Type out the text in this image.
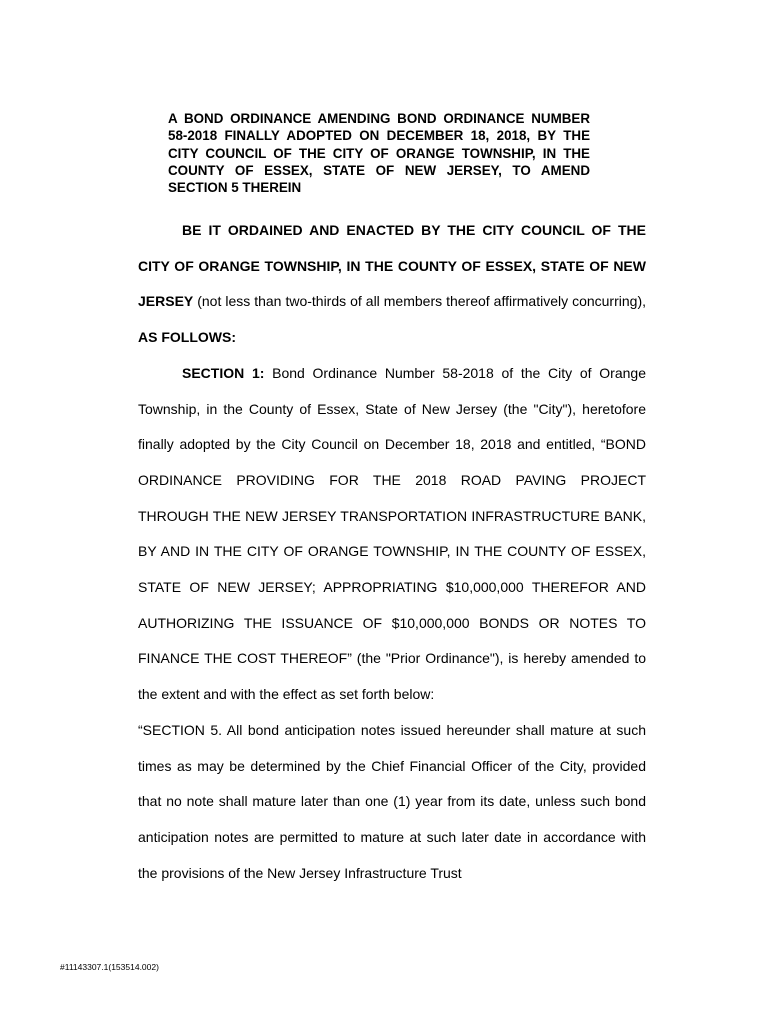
A BOND ORDINANCE AMENDING BOND ORDINANCE NUMBER 58-2018 FINALLY ADOPTED ON DECEMBER 18, 2018, BY THE CITY COUNCIL OF THE CITY OF ORANGE TOWNSHIP, IN THE COUNTY OF ESSEX, STATE OF NEW JERSEY, TO AMEND SECTION 5 THEREIN

BE IT ORDAINED AND ENACTED BY THE CITY COUNCIL OF THE CITY OF ORANGE TOWNSHIP, IN THE COUNTY OF ESSEX, STATE OF NEW JERSEY (not less than two-thirds of all members thereof affirmatively concurring), AS FOLLOWS:

SECTION 1: Bond Ordinance Number 58-2018 of the City of Orange Township, in the County of Essex, State of New Jersey (the "City"), heretofore finally adopted by the City Council on December 18, 2018 and entitled, “BOND ORDINANCE PROVIDING FOR THE 2018 ROAD PAVING PROJECT THROUGH THE NEW JERSEY TRANSPORTATION INFRASTRUCTURE BANK, BY AND IN THE CITY OF ORANGE TOWNSHIP, IN THE COUNTY OF ESSEX, STATE OF NEW JERSEY; APPROPRIATING $10,000,000 THEREFOR AND AUTHORIZING THE ISSUANCE OF $10,000,000 BONDS OR NOTES TO FINANCE THE COST THEREOF” (the "Prior Ordinance"), is hereby amended to the extent and with the effect as set forth below:

“SECTION 5. All bond anticipation notes issued hereunder shall mature at such times as may be determined by the Chief Financial Officer of the City, provided that no note shall mature later than one (1) year from its date, unless such bond anticipation notes are permitted to mature at such later date in accordance with the provisions of the New Jersey Infrastructure Trust

#11143307.1(153514.002)
